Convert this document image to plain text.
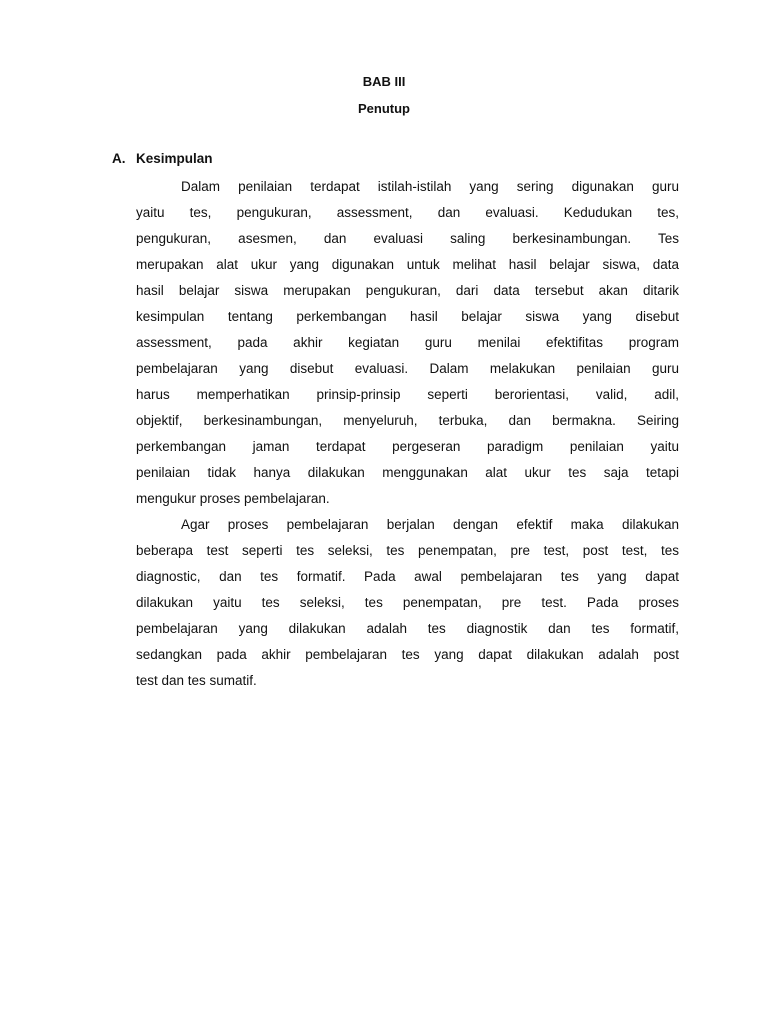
BAB III
Penutup
A. Kesimpulan
Dalam penilaian terdapat istilah-istilah yang sering digunakan guru
yaitu tes, pengukuran, assessment, dan evaluasi. Kedudukan tes,
pengukuran, asesmen, dan evaluasi saling berkesinambungan. Tes
merupakan alat ukur yang digunakan untuk melihat hasil belajar siswa, data
hasil belajar siswa merupakan pengukuran, dari data tersebut akan ditarik
kesimpulan tentang perkembangan hasil belajar siswa yang disebut
assessment, pada akhir kegiatan guru menilai efektifitas program
pembelajaran yang disebut evaluasi. Dalam melakukan penilaian guru
harus memperhatikan prinsip-prinsip seperti berorientasi, valid, adil,
objektif, berkesinambungan, menyeluruh, terbuka, dan bermakna. Seiring
perkembangan jaman terdapat pergeseran paradigm penilaian yaitu
penilaian tidak hanya dilakukan menggunakan alat ukur tes saja tetapi
mengukur proses pembelajaran.
Agar proses pembelajaran berjalan dengan efektif maka dilakukan
beberapa test seperti tes seleksi, tes penempatan, pre test, post test, tes
diagnostic, dan tes formatif. Pada awal pembelajaran tes yang dapat
dilakukan yaitu tes seleksi, tes penempatan, pre test. Pada proses
pembelajaran yang dilakukan adalah tes diagnostik dan tes formatif,
sedangkan pada akhir pembelajaran tes yang dapat dilakukan adalah post
test dan tes sumatif.
